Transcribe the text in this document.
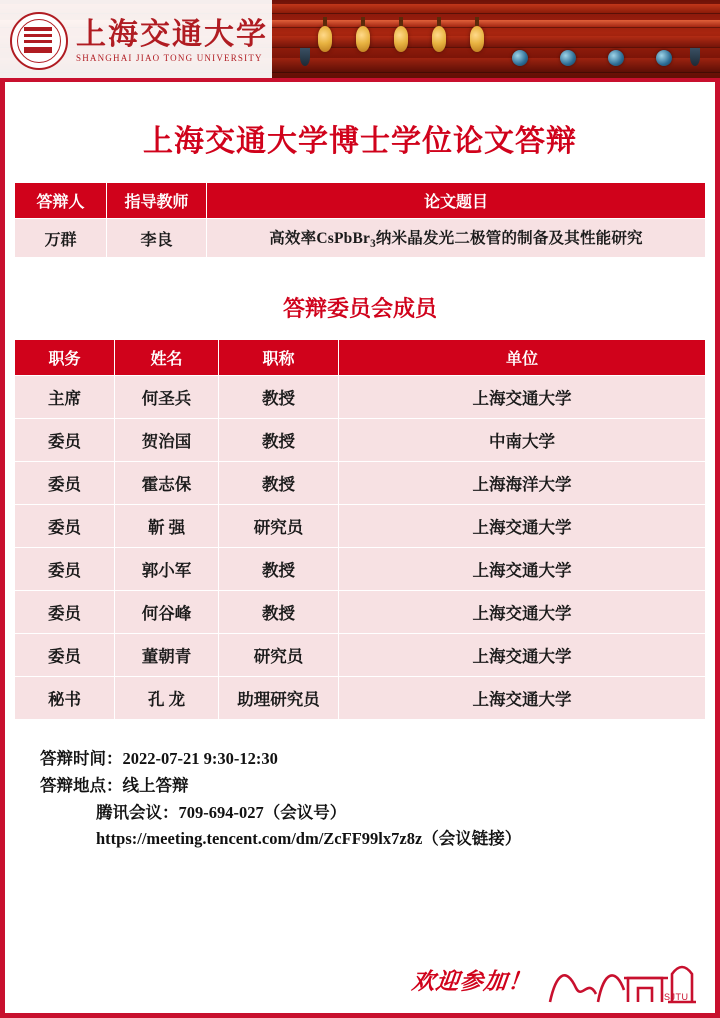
上海交通大学
SHANGHAI JIAO TONG UNIVERSITY
上海交通大学博士学位论文答辩
答辩人	指导教师	论文题目
万群	李良	高效率CsPbBr$_3$纳米晶发光二极管的制备及其性能研究
答辩委员会成员
职务	姓名	职称	单位
主席	何圣兵	教授	上海交通大学
委员	贺治国	教授	中南大学
委员	霍志保	教授	上海海洋大学
委员	靳 强	研究员	上海交通大学
委员	郭小军	教授	上海交通大学
委员	何谷峰	教授	上海交通大学
委员	董朝青	研究员	上海交通大学
秘书	孔 龙	助理研究员	上海交通大学
答辩时间：2022-07-21 9:30-12:30
答辩地点：线上答辩
腾讯会议：709-694-027（会议号）
https://meeting.tencent.com/dm/ZcFF99lx7z8z（会议链接）
欢迎参加！
SJTU
